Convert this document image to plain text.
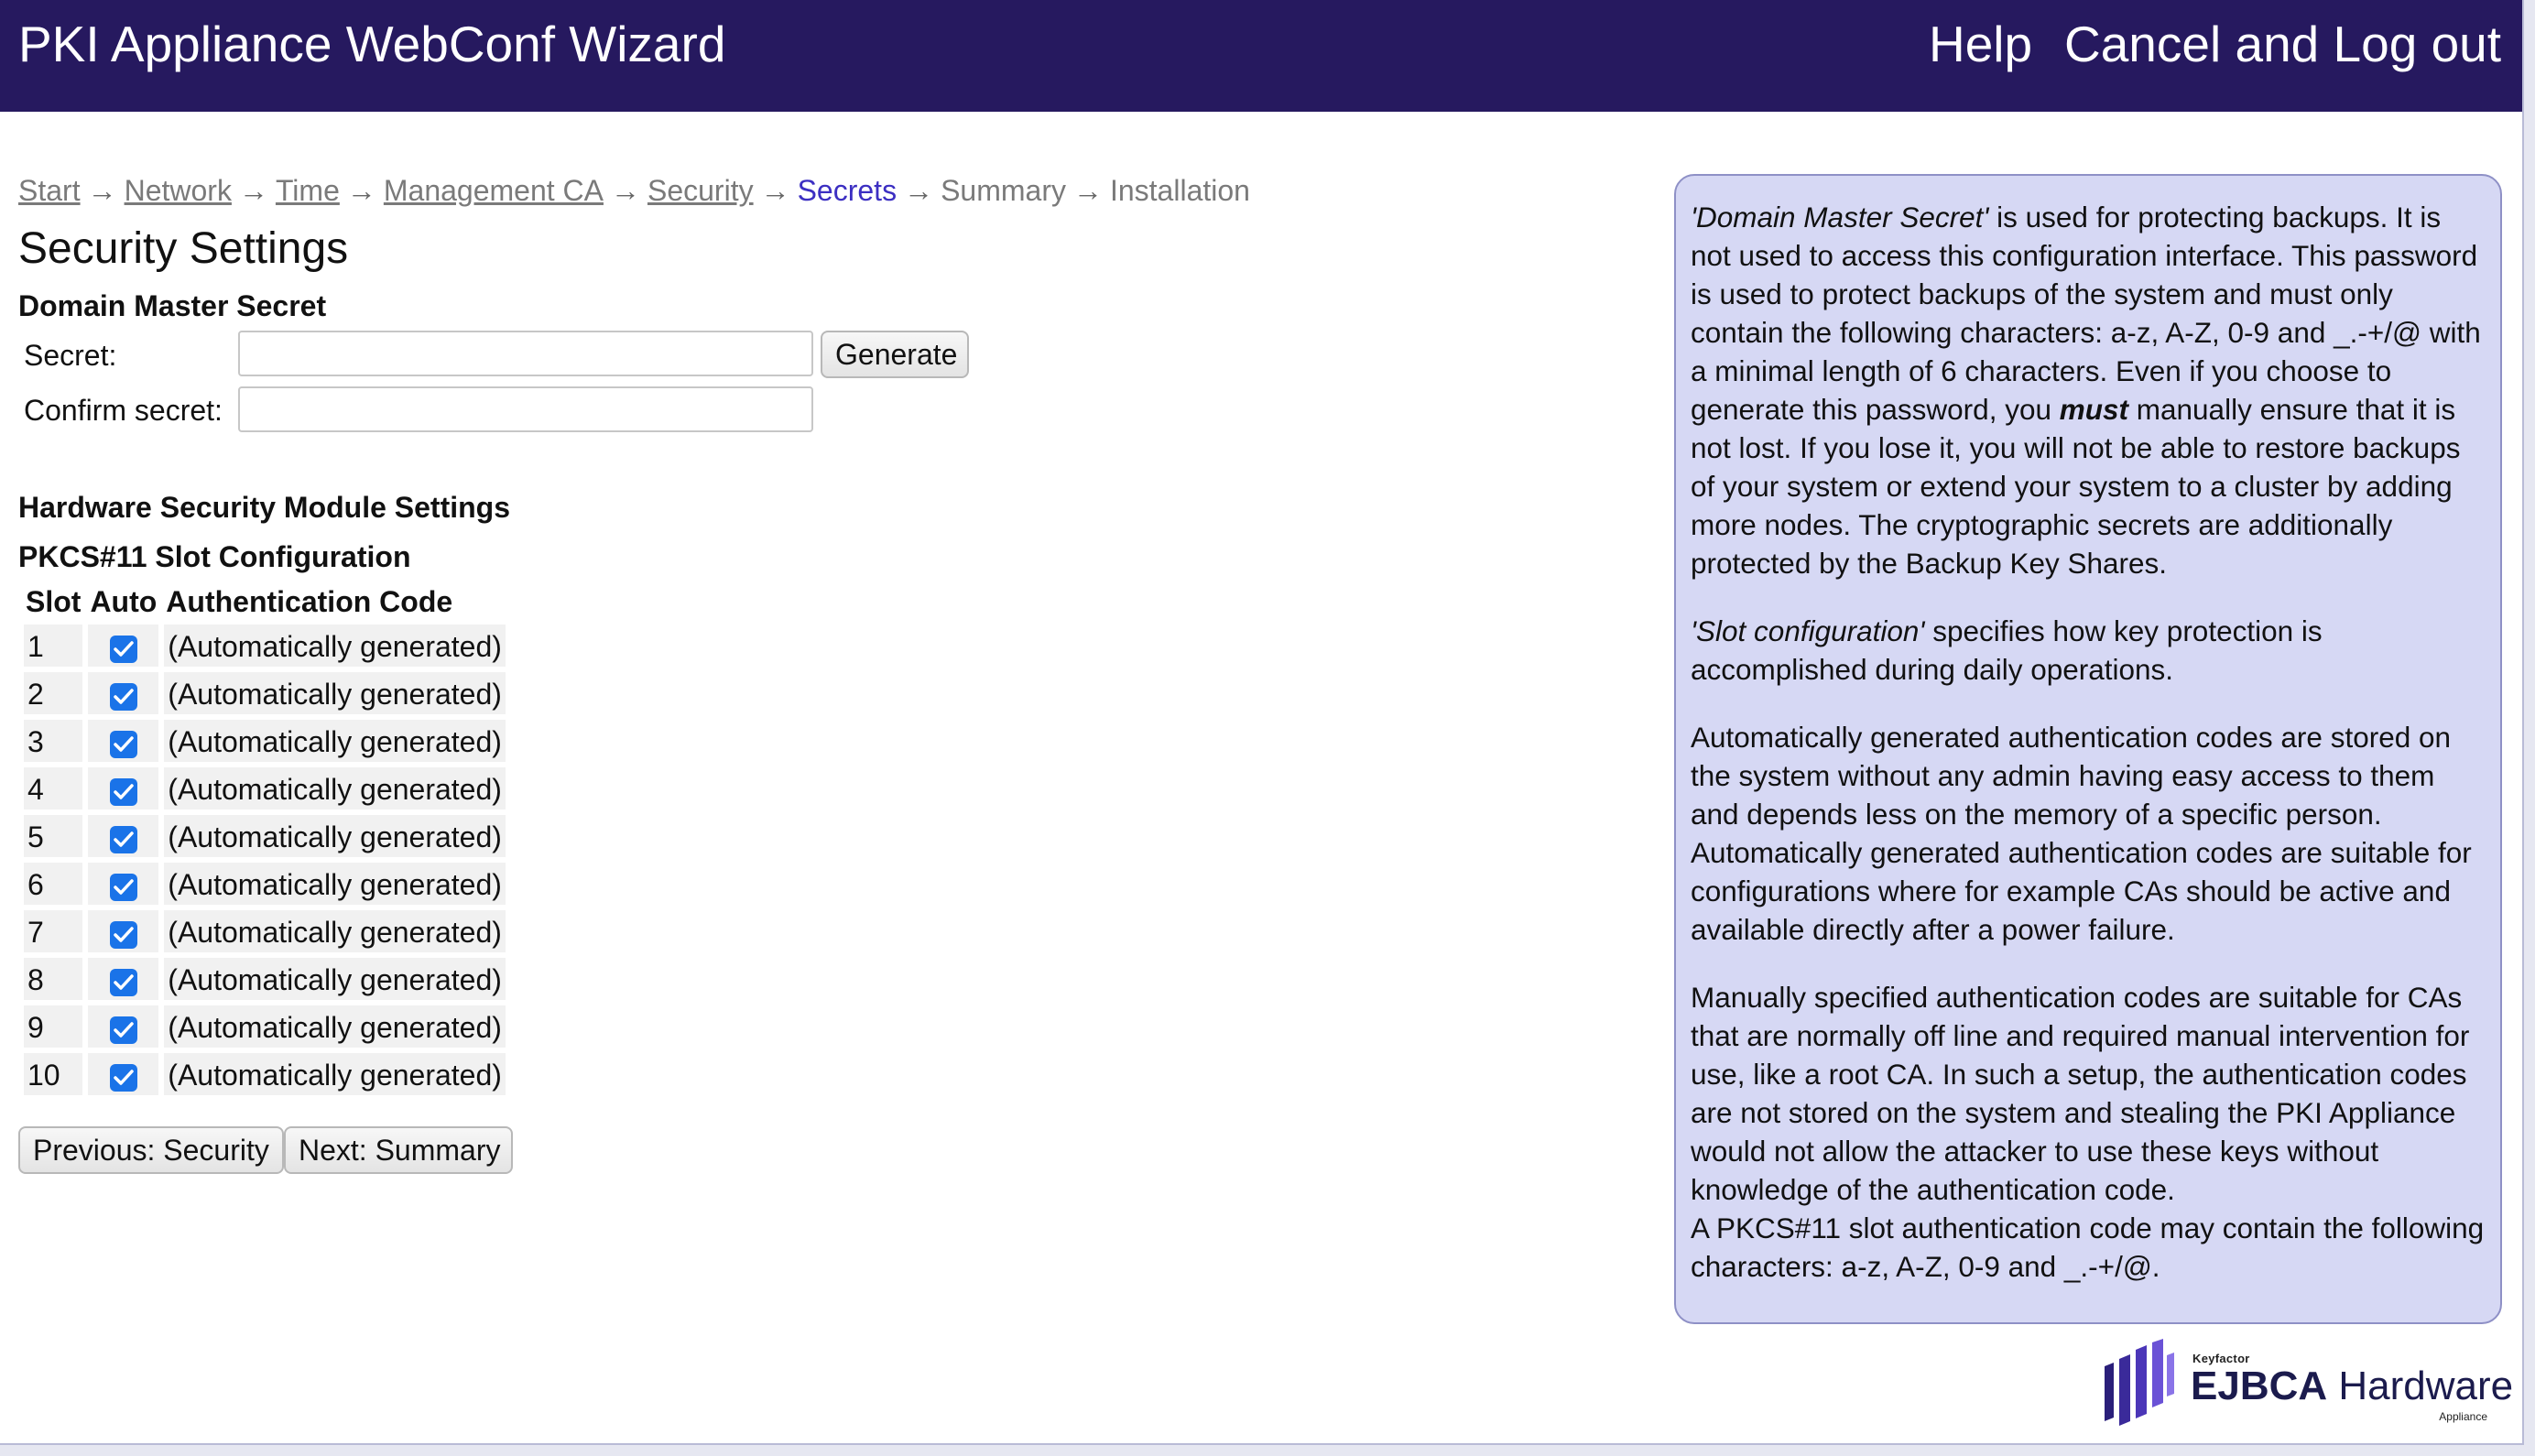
PKI Appliance WebConf Wizard	Help Cancel and Log out
Start → Network → Time → Management CA → Security → Secrets → Summary → Installation
Security Settings
Domain Master Secret
Secret:	Generate
Confirm secret:
Hardware Security Module Settings
PKCS#11 Slot Configuration
Slot	Auto	Authentication Code
1		(Automatically generated)
2		(Automatically generated)
3		(Automatically generated)
4		(Automatically generated)
5		(Automatically generated)
6		(Automatically generated)
7		(Automatically generated)
8		(Automatically generated)
9		(Automatically generated)
10		(Automatically generated)
Previous: Security	Next: Summary

'Domain Master Secret' is used for protecting backups. It is not used to access this configuration interface. This password is used to protect backups of the system and must only contain the following characters: a-z, A-Z, 0-9 and _.-+/@ with a minimal length of 6 characters. Even if you choose to generate this password, you must manually ensure that it is not lost. If you lose it, you will not be able to restore backups of your system or extend your system to a cluster by adding more nodes. The cryptographic secrets are additionally protected by the Backup Key Shares.

'Slot configuration' specifies how key protection is accomplished during daily operations.

Automatically generated authentication codes are stored on the system without any admin having easy access to them and depends less on the memory of a specific person. Automatically generated authentication codes are suitable for configurations where for example CAs should be active and available directly after a power failure.

Manually specified authentication codes are suitable for CAs that are normally off line and required manual intervention for use, like a root CA. In such a setup, the authentication codes are not stored on the system and stealing the PKI Appliance would not allow the attacker to use these keys without knowledge of the authentication code.

A PKCS#11 slot authentication code may contain the following characters: a-z, A-Z, 0-9 and _.-+/@.

Keyfactor
EJBCA Hardware
Appliance
